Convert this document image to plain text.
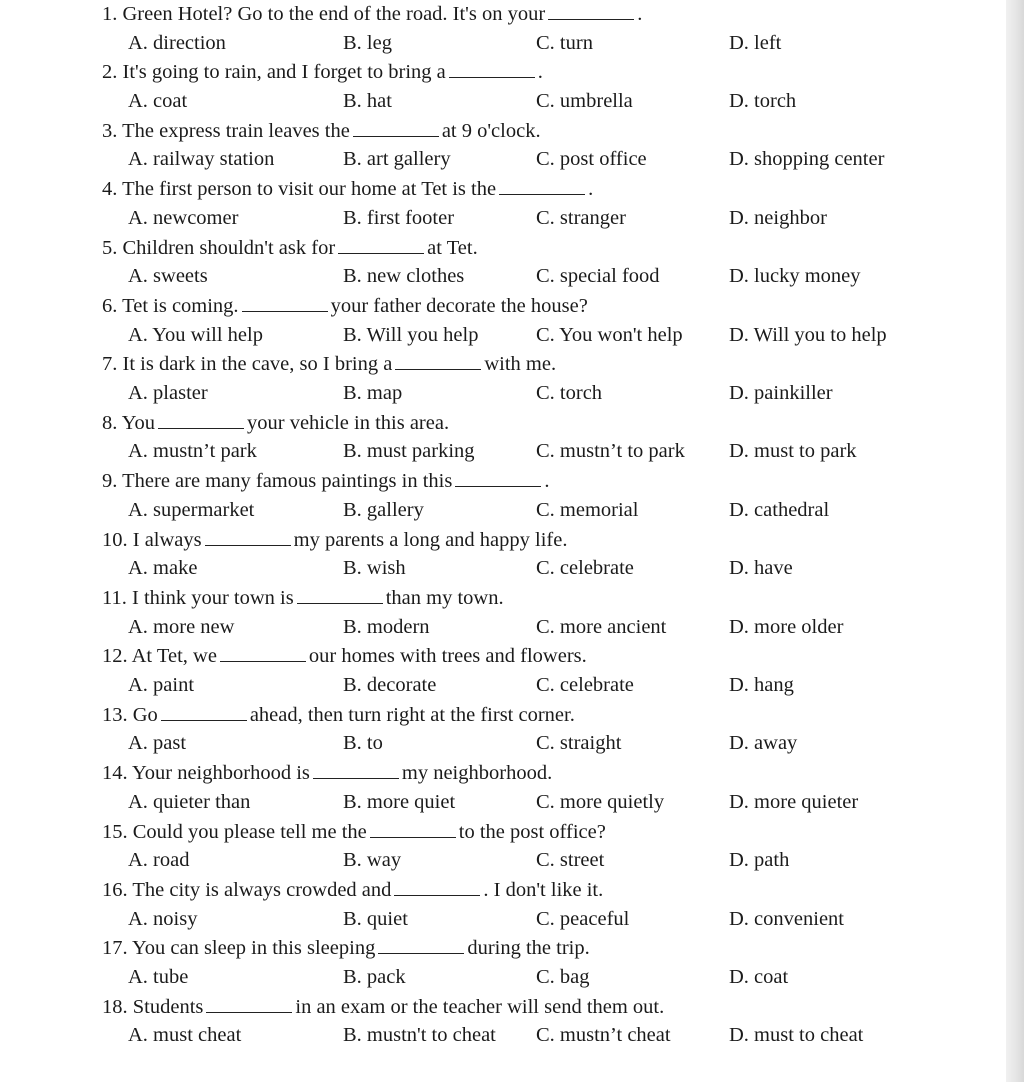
1. Green Hotel? Go to the end of the road. It's on your	.
A. direction	B. leg	C. turn	D. left
2. It's going to rain, and I forget to bring a	.
A. coat	B. hat	C. umbrella	D. torch
3. The express train leaves the	at 9 o'clock.
A. railway station	B. art gallery	C. post office	D. shopping center
4. The first person to visit our home at Tet is the	.
A. newcomer	B. first footer	C. stranger	D. neighbor
5. Children shouldn't ask for	at Tet.
A. sweets	B. new clothes	C. special food	D. lucky money
6. Tet is coming.	your father decorate the house?
A. You will help	B. Will you help	C. You won't help D. Will you to help
7. It is dark in the cave, so I bring a	with me.
A. plaster	B. map	C. torch	D. painkiller
8. You	your vehicle in this area.
A. mustn’t park	B. must parking	C. mustn’t to park D. must to park
9. There are many famous paintings in this	.
A. supermarket	B. gallery	C. memorial	D. cathedral
10. I always	my parents a long and happy life.
A. make	B. wish	C. celebrate	D. have
11. I think your town is	than my town.
A. more new	B. modern	C. more ancient	D. more older
12. At Tet, we	our homes with trees and flowers.
A. paint	B. decorate	C. celebrate	D. hang
13. Go	ahead, then turn right at the first corner.
A. past	B. to	C. straight	D. away
14. Your neighborhood is	my neighborhood.
A. quieter than	B. more quiet	C. more quietly	D. more quieter
15. Could you please tell me the	to the post office?
A. road	B. way	C. street	D. path
16. The city is always crowded and	. I don't like it.
A. noisy	B. quiet	C. peaceful	D. convenient
17. You can sleep in this sleeping	during the trip.
A. tube	B. pack	C. bag	D. coat
18. Students	in an exam or the teacher will send them out.
A. must cheat	B. mustn't to cheat C. mustn’t cheat	D. must to cheat
